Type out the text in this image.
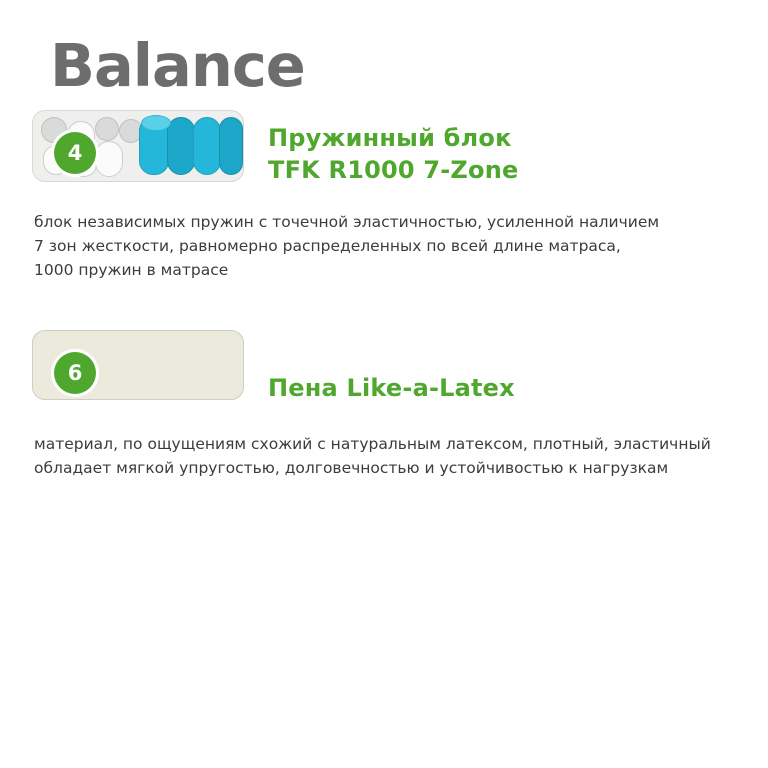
Balance
4
Пружинный блок
TFK R1000 7-Zone
блок независимых пружин с точечной эластичностью, усиленной наличием
7 зон жесткости, равномерно распределенных по всей длине матраса,
1000 пружин в матрасе
6
Пена Like-a-Latex
материал, по ощущениям схожий с натуральным латексом, плотный, эластичный
обладает мягкой упругостью, долговечностью и устойчивостью к нагрузкам
